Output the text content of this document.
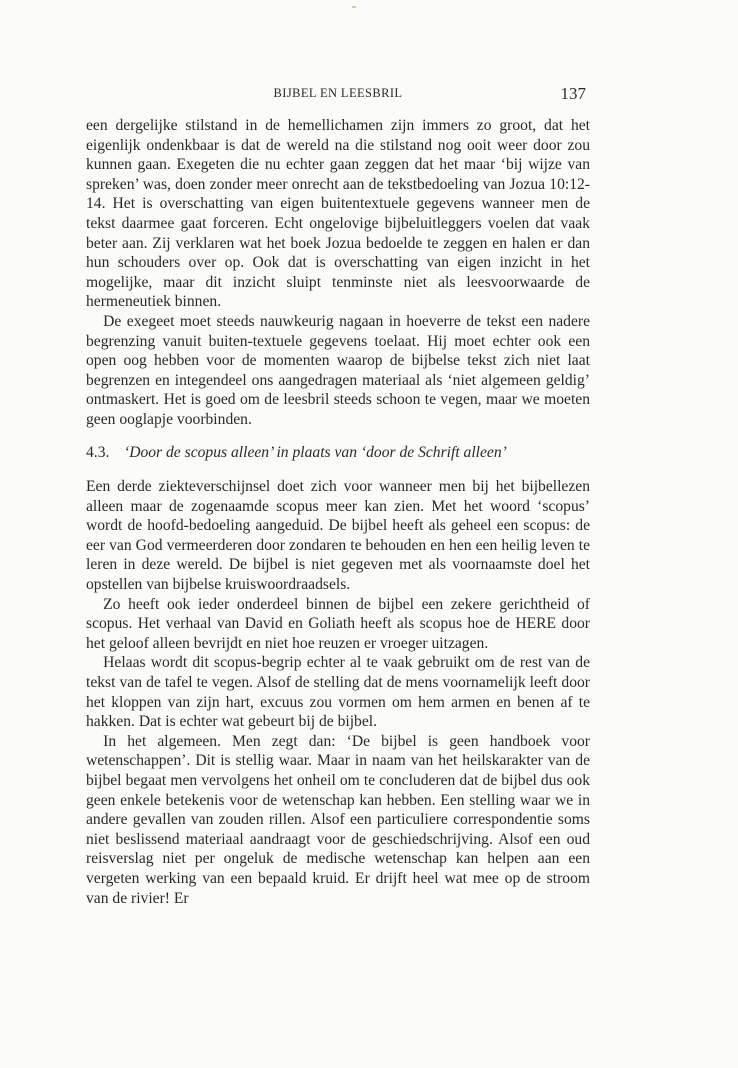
BIJBEL EN LEESBRIL	137

een dergelijke stilstand in de hemellichamen zijn immers zo groot, dat het eigenlijk ondenkbaar is dat de wereld na die stilstand nog ooit weer door zou kunnen gaan. Exegeten die nu echter gaan zeggen dat het maar ‘bij wijze van spreken’ was, doen zonder meer onrecht aan de tekstbedoeling van Jozua 10:12-14. Het is overschatting van eigen buitentextuele gegevens wanneer men de tekst daarmee gaat forceren. Echt ongelovige bijbeluitleggers voelen dat vaak beter aan. Zij verklaren wat het boek Jozua bedoelde te zeggen en halen er dan hun schouders over op. Ook dat is overschatting van eigen inzicht in het mogelijke, maar dit inzicht sluipt tenminste niet als leesvoorwaarde de hermeneutiek binnen.

De exegeet moet steeds nauwkeurig nagaan in hoeverre de tekst een nadere begrenzing vanuit buiten-textuele gegevens toelaat. Hij moet echter ook een open oog hebben voor de momenten waarop de bijbelse tekst zich niet laat begrenzen en integendeel ons aangedragen materiaal als ‘niet algemeen geldig’ ontmaskert. Het is goed om de leesbril steeds schoon te vegen, maar we moeten geen ooglapje voorbinden.

4.3. ‘Door de scopus alleen’ in plaats van ‘door de Schrift alleen’

Een derde ziekteverschijnsel doet zich voor wanneer men bij het bijbellezen alleen maar de zogenaamde scopus meer kan zien. Met het woord ‘scopus’ wordt de hoofd-bedoeling aangeduid. De bijbel heeft als geheel een scopus: de eer van God vermeerderen door zondaren te behouden en hen een heilig leven te leren in deze wereld. De bijbel is niet gegeven met als voornaamste doel het opstellen van bijbelse kruiswoordraadsels.

Zo heeft ook ieder onderdeel binnen de bijbel een zekere gerichtheid of scopus. Het verhaal van David en Goliath heeft als scopus hoe de HERE door het geloof alleen bevrijdt en niet hoe reuzen er vroeger uitzagen.

Helaas wordt dit scopus-begrip echter al te vaak gebruikt om de rest van de tekst van de tafel te vegen. Alsof de stelling dat de mens voornamelijk leeft door het kloppen van zijn hart, excuus zou vormen om hem armen en benen af te hakken. Dat is echter wat gebeurt bij de bijbel.

In het algemeen. Men zegt dan: ‘De bijbel is geen handboek voor wetenschappen’. Dit is stellig waar. Maar in naam van het heilskarakter van de bijbel begaat men vervolgens het onheil om te concluderen dat de bijbel dus ook geen enkele betekenis voor de wetenschap kan hebben. Een stelling waar we in andere gevallen van zouden rillen. Alsof een particuliere correspondentie soms niet beslissend materiaal aandraagt voor de geschiedschrijving. Alsof een oud reisverslag niet per ongeluk de medische wetenschap kan helpen aan een vergeten werking van een bepaald kruid. Er drijft heel wat mee op de stroom van de rivier! Er
